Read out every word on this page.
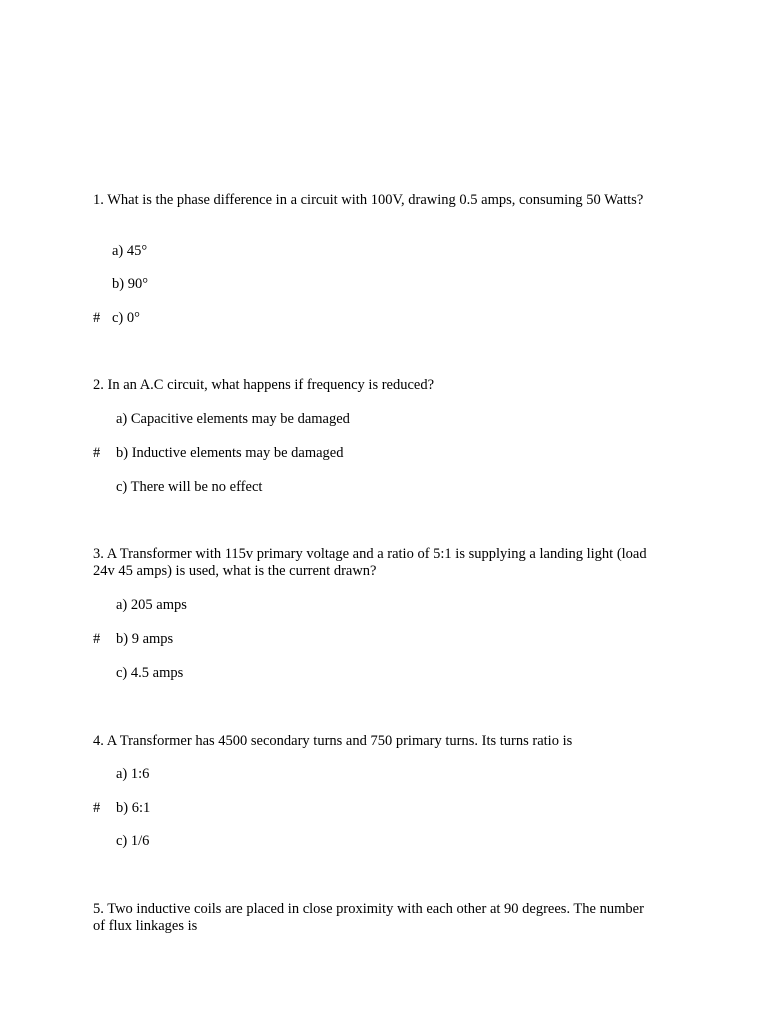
1. What is the phase difference in a circuit with 100V, drawing 0.5 amps, consuming 50 Watts?
a) 45°
b) 90°
# c) 0°
2. In an A.C circuit, what happens if frequency is reduced?
a) Capacitive elements may be damaged
# b) Inductive elements may be damaged
c) There will be no effect
3. A Transformer with 115v primary voltage and a ratio of 5:1 is supplying a landing light (load 24v 45 amps) is used, what is the current drawn?
a) 205 amps
# b) 9 amps
c) 4.5 amps
4. A Transformer has 4500 secondary turns and 750 primary turns. Its turns ratio is
a) 1:6
# b) 6:1
c) 1/6
5. Two inductive coils are placed in close proximity with each other at 90 degrees. The number of flux linkages is
